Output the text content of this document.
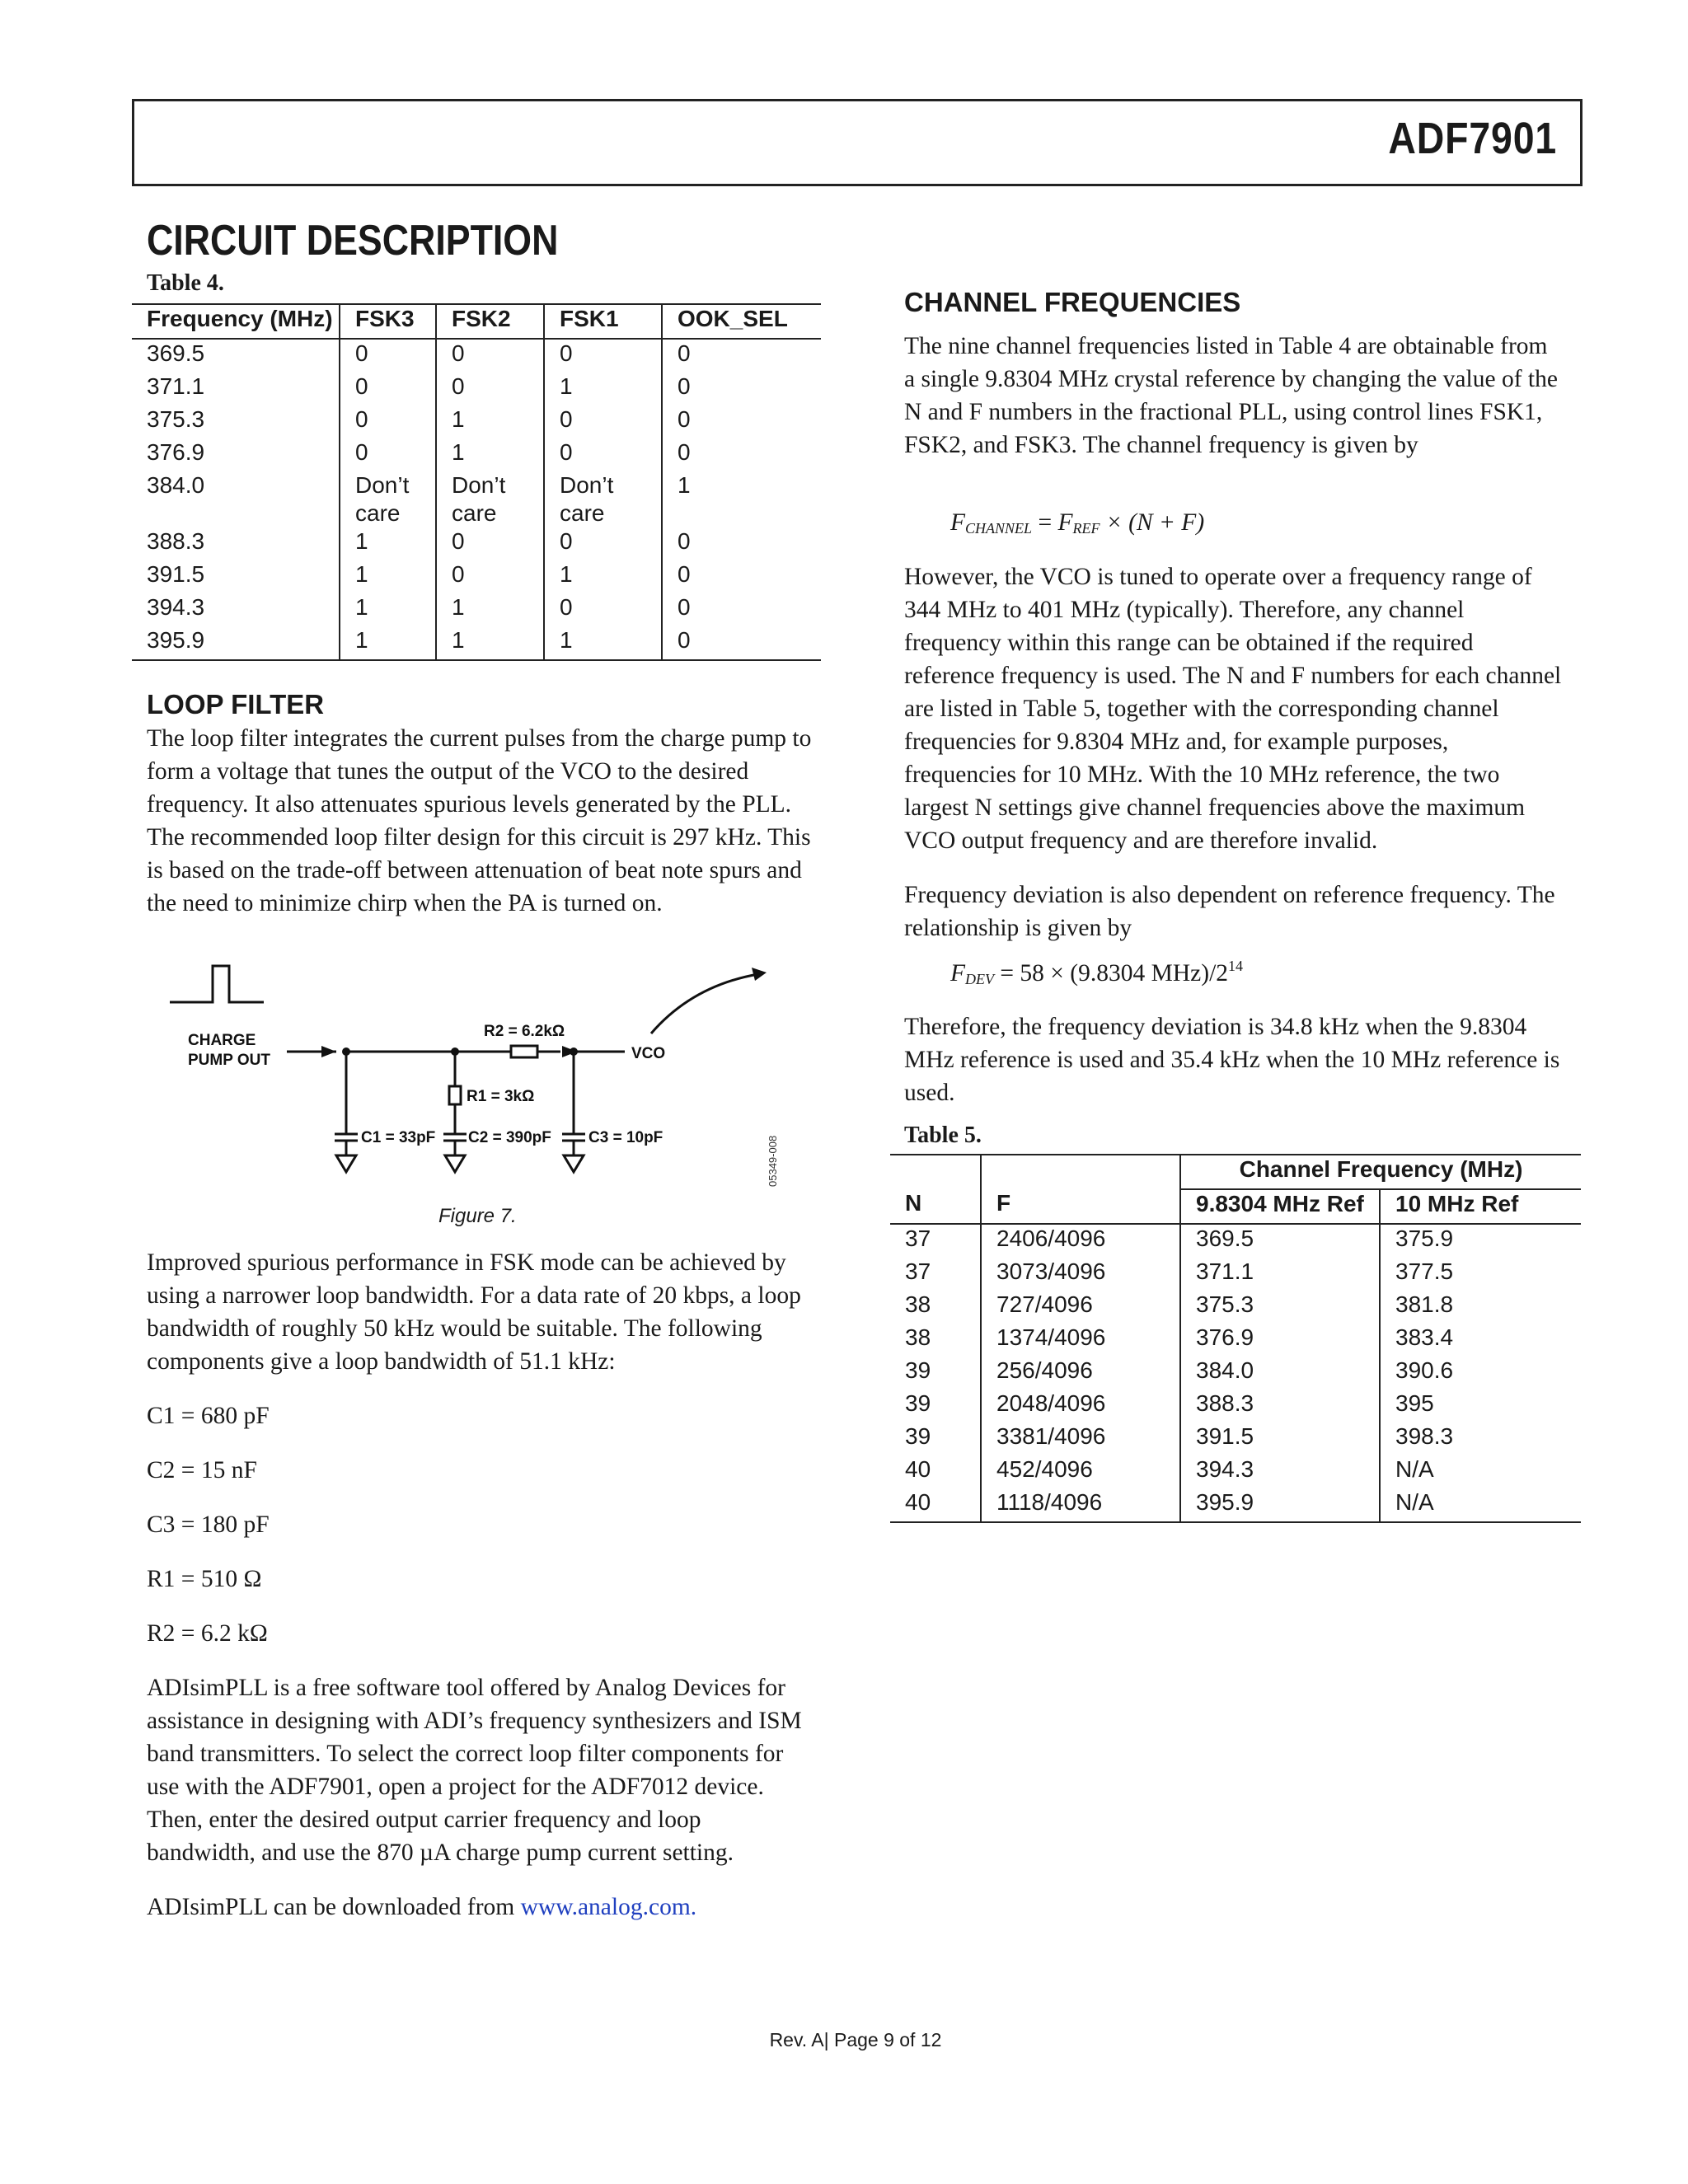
ADF7901
CIRCUIT DESCRIPTION
Table 4.
Frequency (MHz)	FSK3	FSK2	FSK1	OOK_SEL
369.5	0	0	0	0
371.1	0	0	1	0
375.3	0	1	0	0
376.9	0	1	0	0
384.0	Don’t care	Don’t care	Don’t care	1
388.3	1	0	0	0
391.5	1	0	1	0
394.3	1	1	0	0
395.9	1	1	1	0
LOOP FILTER

The loop filter integrates the current pulses from the charge pump to form a voltage that tunes the output of the VCO to the desired frequency. It also attenuates spurious levels generated by the PLL. The recommended loop filter design for this circuit is 297 kHz. This is based on the trade-off between attenuation of beat note spurs and the need to minimize chirp when the PA is turned on.

CHARGE
PUMP OUT
R2 = 6.2kΩ
VCO
R1 = 3kΩ
C1 = 33pF C2 = 390pF C3 = 10pF	05349-008
Figure 7.

Improved spurious performance in FSK mode can be achieved by using a narrower loop bandwidth. For a data rate of 20 kbps, a loop bandwidth of roughly 50 kHz would be suitable. The following components give a loop bandwidth of 51.1 kHz:

C1 = 680 pF

C2 = 15 nF

C3 = 180 pF

R1 = 510 Ω

R2 = 6.2 kΩ

ADIsimPLL is a free software tool offered by Analog Devices for assistance in designing with ADI’s frequency synthesizers and ISM band transmitters. To select the correct loop filter components for use with the ADF7901, open a project for the ADF7012 device. Then, enter the desired output carrier frequency and loop bandwidth, and use the 870 µA charge pump current setting.

ADIsimPLL can be downloaded from www.analog.com.

CHANNEL FREQUENCIES

The nine channel frequencies listed in Table 4 are obtainable from a single 9.8304 MHz crystal reference by changing the value of the N and F numbers in the fractional PLL, using control lines FSK1, FSK2, and FSK3. The channel frequency is given by

$F_{CHANNEL} = F_{REF} \times (N + F)$

However, the VCO is tuned to operate over a frequency range of 344 MHz to 401 MHz (typically). Therefore, any channel frequency within this range can be obtained if the required reference frequency is used. The N and F numbers for each channel are listed in Table 5, together with the corresponding channel frequencies for 9.8304 MHz and, for example purposes, frequencies for 10 MHz. With the 10 MHz reference, the two largest N settings give channel frequencies above the maximum VCO output frequency and are therefore invalid.

Frequency deviation is also dependent on reference frequency. The relationship is given by

$F_{DEV} = 58 \times (9.8304$ $MHz)/2^{14}$

Therefore, the frequency deviation is 34.8 kHz when the 9.8304 MHz reference is used and 35.4 kHz when the 10 MHz reference is used.

Table 5.
		Channel Frequency (MHz)	
N	F	9.8304 MHz Ref	10 MHz Ref
37	2406/4096	369.5	375.9
37	3073/4096	371.1	377.5
38	727/4096	375.3	381.8
38	1374/4096	376.9	383.4
39	256/4096	384.0	390.6
39	2048/4096	388.3	395
39	3381/4096	391.5	398.3
40	452/4096	394.3	N/A
40	1118/4096	395.9	N/A
Rev. A| Page 9 of 12
